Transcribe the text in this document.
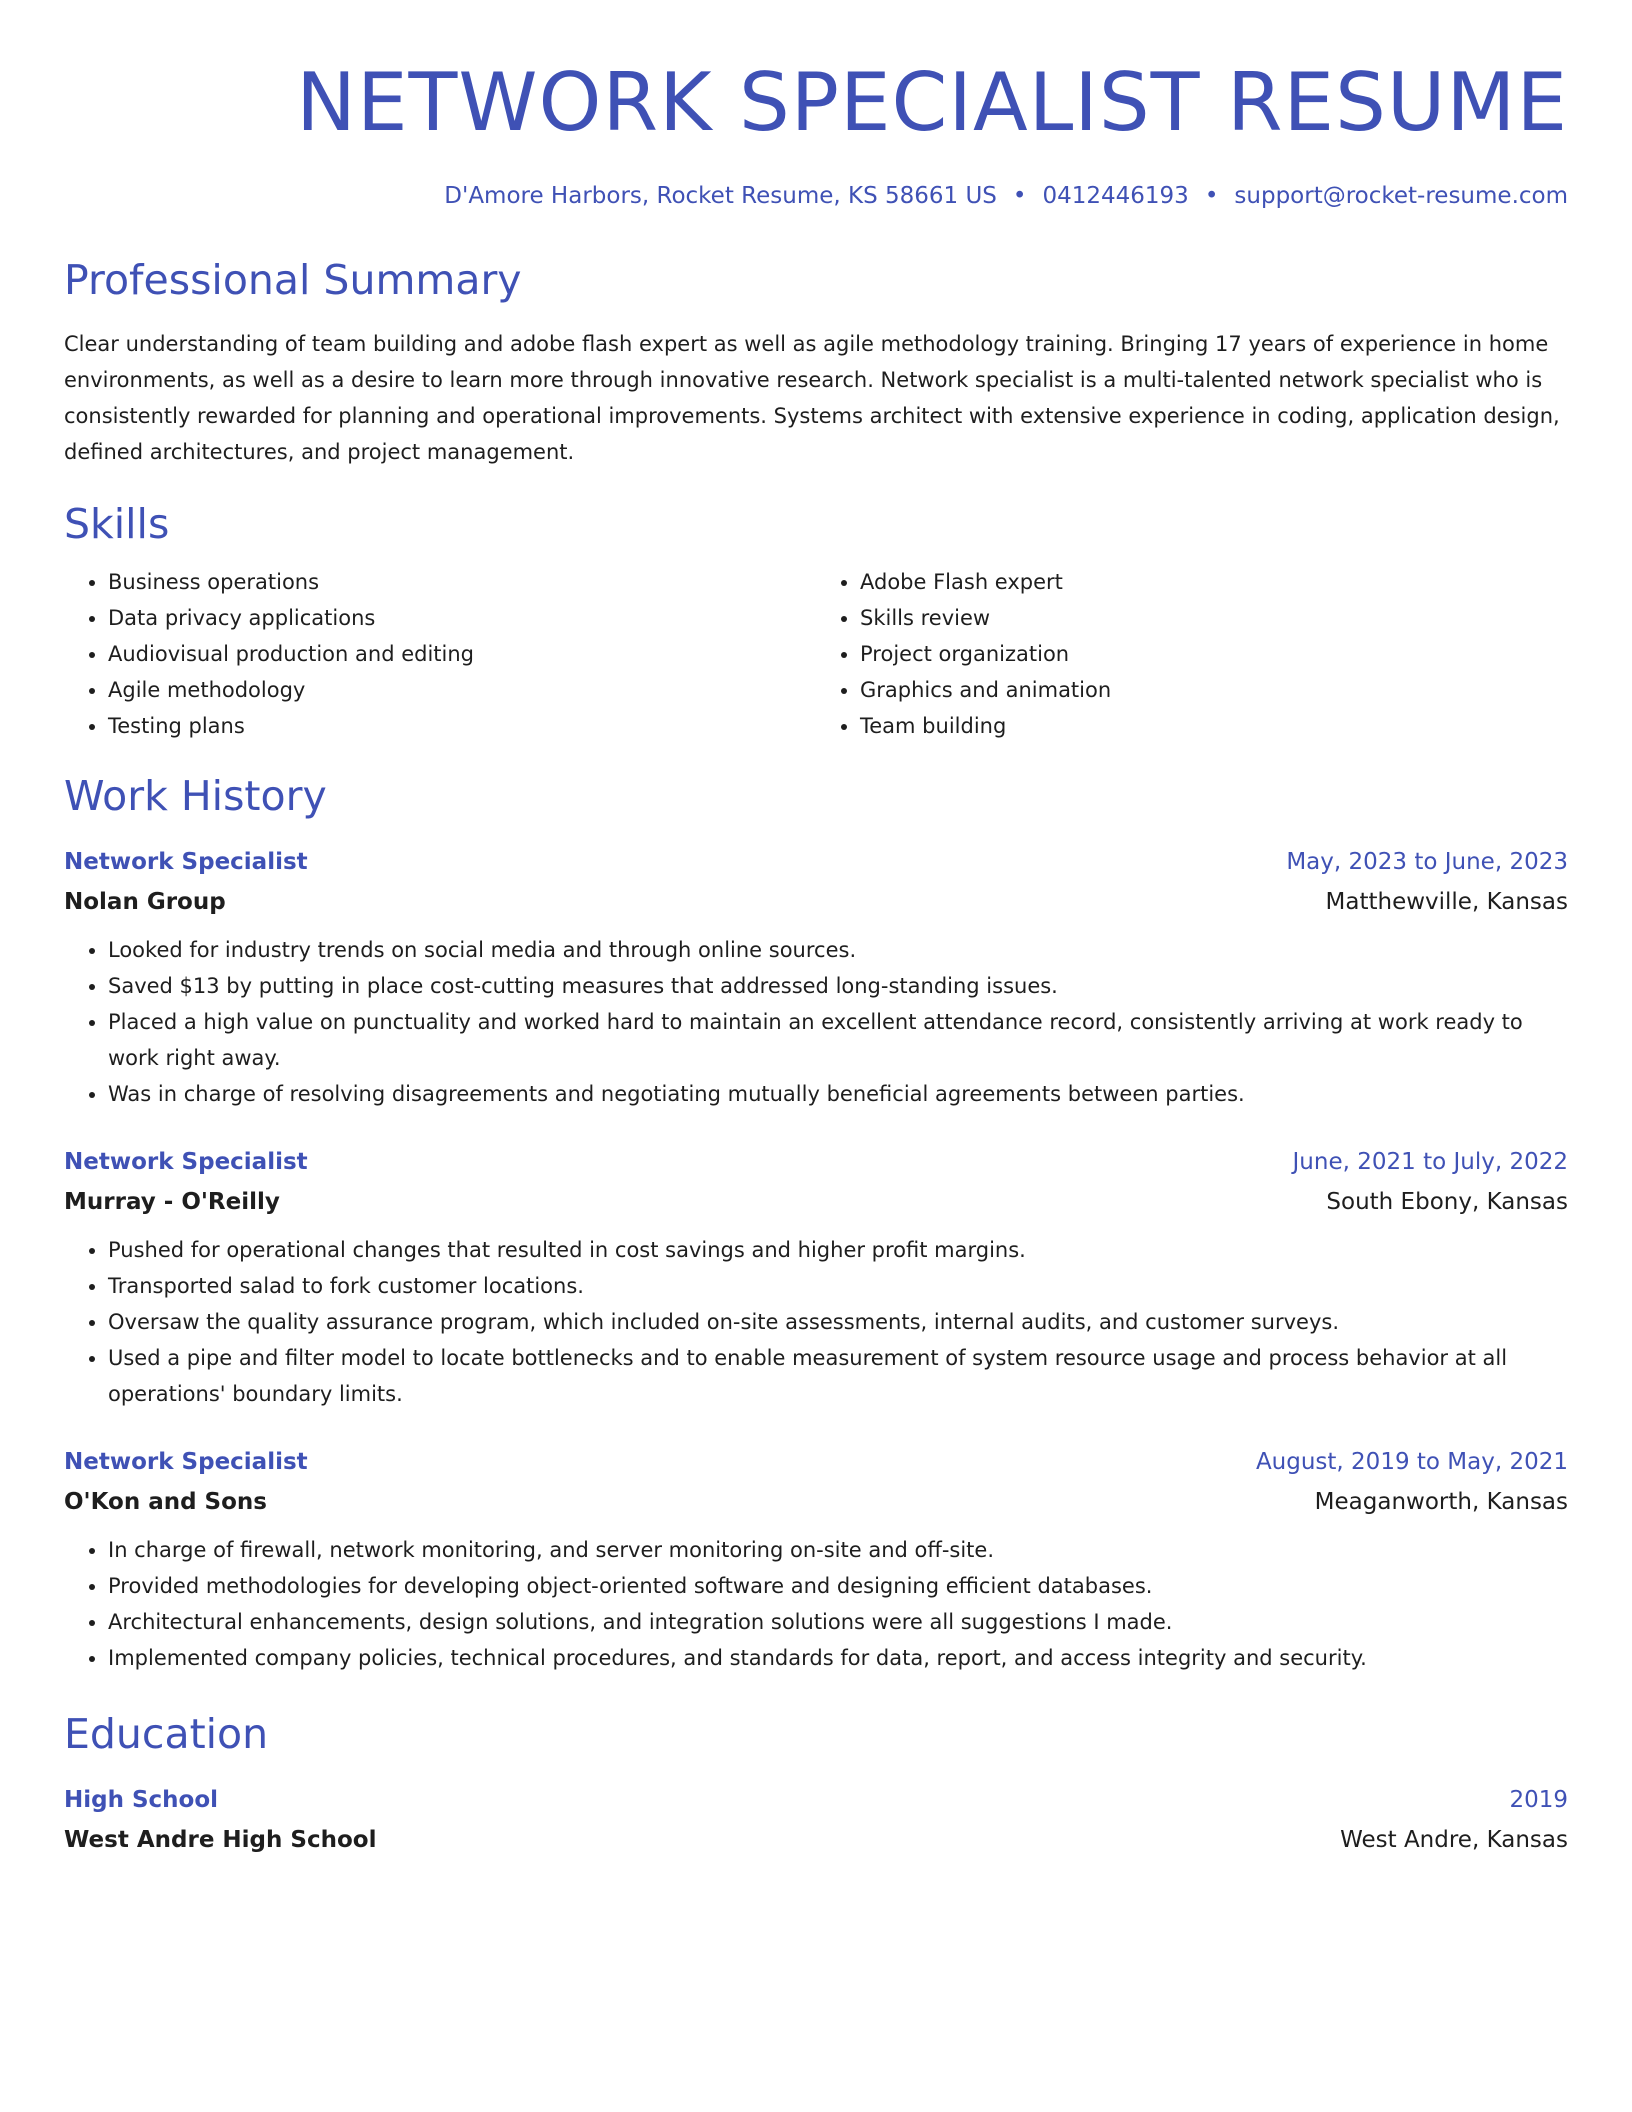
NETWORK SPECIALIST RESUME
D'Amore Harbors, Rocket Resume, KS 58661 US • 0412446193 • support@rocket-resume.com
Professional Summary

Clear understanding of team building and adobe flash expert as well as agile methodology training. Bringing 17 years of experience in home environments, as well as a desire to learn more through innovative research. Network specialist is a multi-talented network specialist who is consistently rewarded for planning and operational improvements. Systems architect with extensive experience in coding, application design, defined architectures, and project management.

Skills
• Business operations
• Data privacy applications
• Audiovisual production and editing
• Agile methodology
• Testing plans
• Adobe Flash expert
• Skills review
• Project organization
• Graphics and animation
• Team building
Work History
Network Specialist	May, 2023 to June, 2023
Nolan Group	Matthewville, Kansas
• Looked for industry trends on social media and through online sources.
• Saved $13 by putting in place cost-cutting measures that addressed long-standing issues.
• Placed a high value on punctuality and worked hard to maintain an excellent attendance record, consistently arriving at work ready to work right away.
• Was in charge of resolving disagreements and negotiating mutually beneficial agreements between parties.
Network Specialist	June, 2021 to July, 2022
Murray - O'Reilly	South Ebony, Kansas
• Pushed for operational changes that resulted in cost savings and higher profit margins.
• Transported salad to fork customer locations.
• Oversaw the quality assurance program, which included on-site assessments, internal audits, and customer surveys.
• Used a pipe and filter model to locate bottlenecks and to enable measurement of system resource usage and process behavior at all operations' boundary limits.
Network Specialist	August, 2019 to May, 2021
O'Kon and Sons	Meaganworth, Kansas
• In charge of firewall, network monitoring, and server monitoring on-site and off-site.
• Provided methodologies for developing object-oriented software and designing efficient databases.
• Architectural enhancements, design solutions, and integration solutions were all suggestions I made.
• Implemented company policies, technical procedures, and standards for data, report, and access integrity and security.
Education
High School	2019
West Andre High School	West Andre, Kansas
